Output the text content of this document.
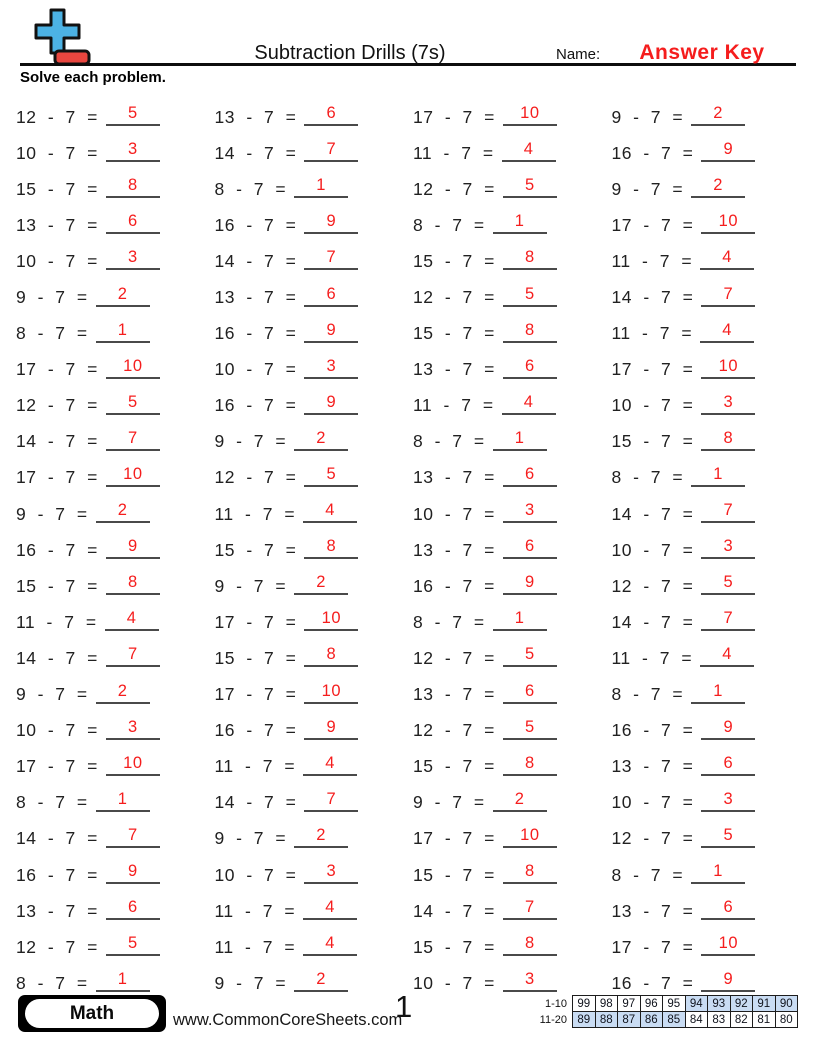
Subtraction Drills (7s)	Name:	Answer Key
Solve each problem.
12 - 7 =	5
10 - 7 =	3
15 - 7 =	8
13 - 7 =	6
10 - 7 =	3
9 - 7 =	2
8 - 7 =	1
17 - 7 =	10
12 - 7 =	5
14 - 7 =	7
17 - 7 =	10
9 - 7 =	2
16 - 7 =	9
15 - 7 =	8
11 - 7 =	4
14 - 7 =	7
9 - 7 =	2
10 - 7 =	3
17 - 7 =	10
8 - 7 =	1
14 - 7 =	7
16 - 7 =	9
13 - 7 =	6
12 - 7 =	5
8 - 7 =	1
13 - 7 =	6
14 - 7 =	7
8 - 7 =	1
16 - 7 =	9
14 - 7 =	7
13 - 7 =	6
16 - 7 =	9
10 - 7 =	3
16 - 7 =	9
9 - 7 =	2
12 - 7 =	5
11 - 7 =	4
15 - 7 =	8
9 - 7 =	2
17 - 7 =	10
15 - 7 =	8
17 - 7 =	10
16 - 7 =	9
11 - 7 =	4
14 - 7 =	7
9 - 7 =	2
10 - 7 =	3
11 - 7 =	4
11 - 7 =	4
9 - 7 =	2
17 - 7 =	10
11 - 7 =	4
12 - 7 =	5
8 - 7 =	1
15 - 7 =	8
12 - 7 =	5
15 - 7 =	8
13 - 7 =	6
11 - 7 =	4
8 - 7 =	1
13 - 7 =	6
10 - 7 =	3
13 - 7 =	6
16 - 7 =	9
8 - 7 =	1
12 - 7 =	5
13 - 7 =	6
12 - 7 =	5
15 - 7 =	8
9 - 7 =	2
17 - 7 =	10
15 - 7 =	8
14 - 7 =	7
15 - 7 =	8
10 - 7 =	3
9 - 7 =	2
16 - 7 =	9
9 - 7 =	2
17 - 7 =	10
11 - 7 =	4
14 - 7 =	7
11 - 7 =	4
17 - 7 =	10
10 - 7 =	3
15 - 7 =	8
8 - 7 =	1
14 - 7 =	7
10 - 7 =	3
12 - 7 =	5
14 - 7 =	7
11 - 7 =	4
8 - 7 =	1
16 - 7 =	9
13 - 7 =	6
10 - 7 =	3
12 - 7 =	5
8 - 7 =	1
13 - 7 =	6
17 - 7 =	10
16 - 7 =	9
Math	www.CommonCoreSheets.com
1	1-10	99	98	97	96	95	94	93	92	91	90
11-20	89	88	87	86	85	84	83	82	81	80
